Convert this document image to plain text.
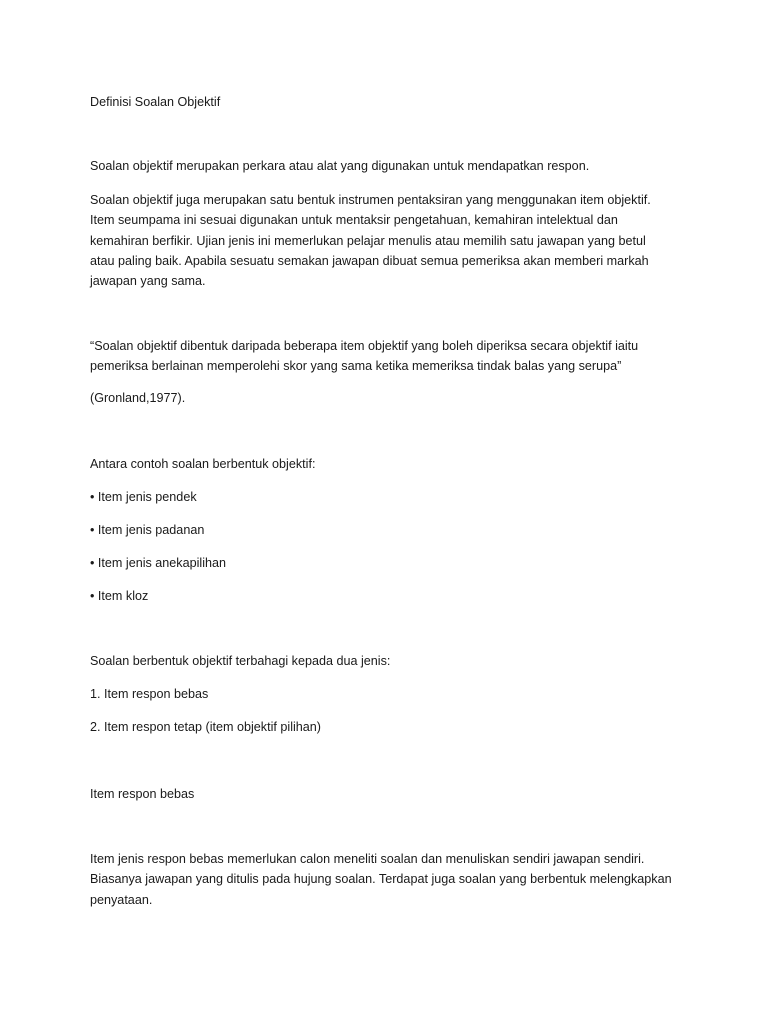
Definisi Soalan Objektif

Soalan objektif merupakan perkara atau alat yang digunakan untuk mendapatkan respon.

Soalan objektif juga merupakan satu bentuk instrumen pentaksiran yang menggunakan item objektif.
Item seumpama ini sesuai digunakan untuk mentaksir pengetahuan, kemahiran intelektual dan
kemahiran berfikir. Ujian jenis ini memerlukan pelajar menulis atau memilih satu jawapan yang betul
atau paling baik. Apabila sesuatu semakan jawapan dibuat semua pemeriksa akan memberi markah
jawapan yang sama.
“Soalan objektif dibentuk daripada beberapa item objektif yang boleh diperiksa secara objektif iaitu
pemeriksa berlainan memperolehi skor yang sama ketika memeriksa tindak balas yang serupa”

(Gronland,1977).

Antara contoh soalan berbentuk objektif:

• Item jenis pendek

• Item jenis padanan

• Item jenis anekapilihan

• Item kloz

Soalan berbentuk objektif terbahagi kepada dua jenis:

1. Item respon bebas

2. Item respon tetap (item objektif pilihan)

Item respon bebas

Item jenis respon bebas memerlukan calon meneliti soalan dan menuliskan sendiri jawapan sendiri.
Biasanya jawapan yang ditulis pada hujung soalan. Terdapat juga soalan yang berbentuk melengkapkan
penyataan.
